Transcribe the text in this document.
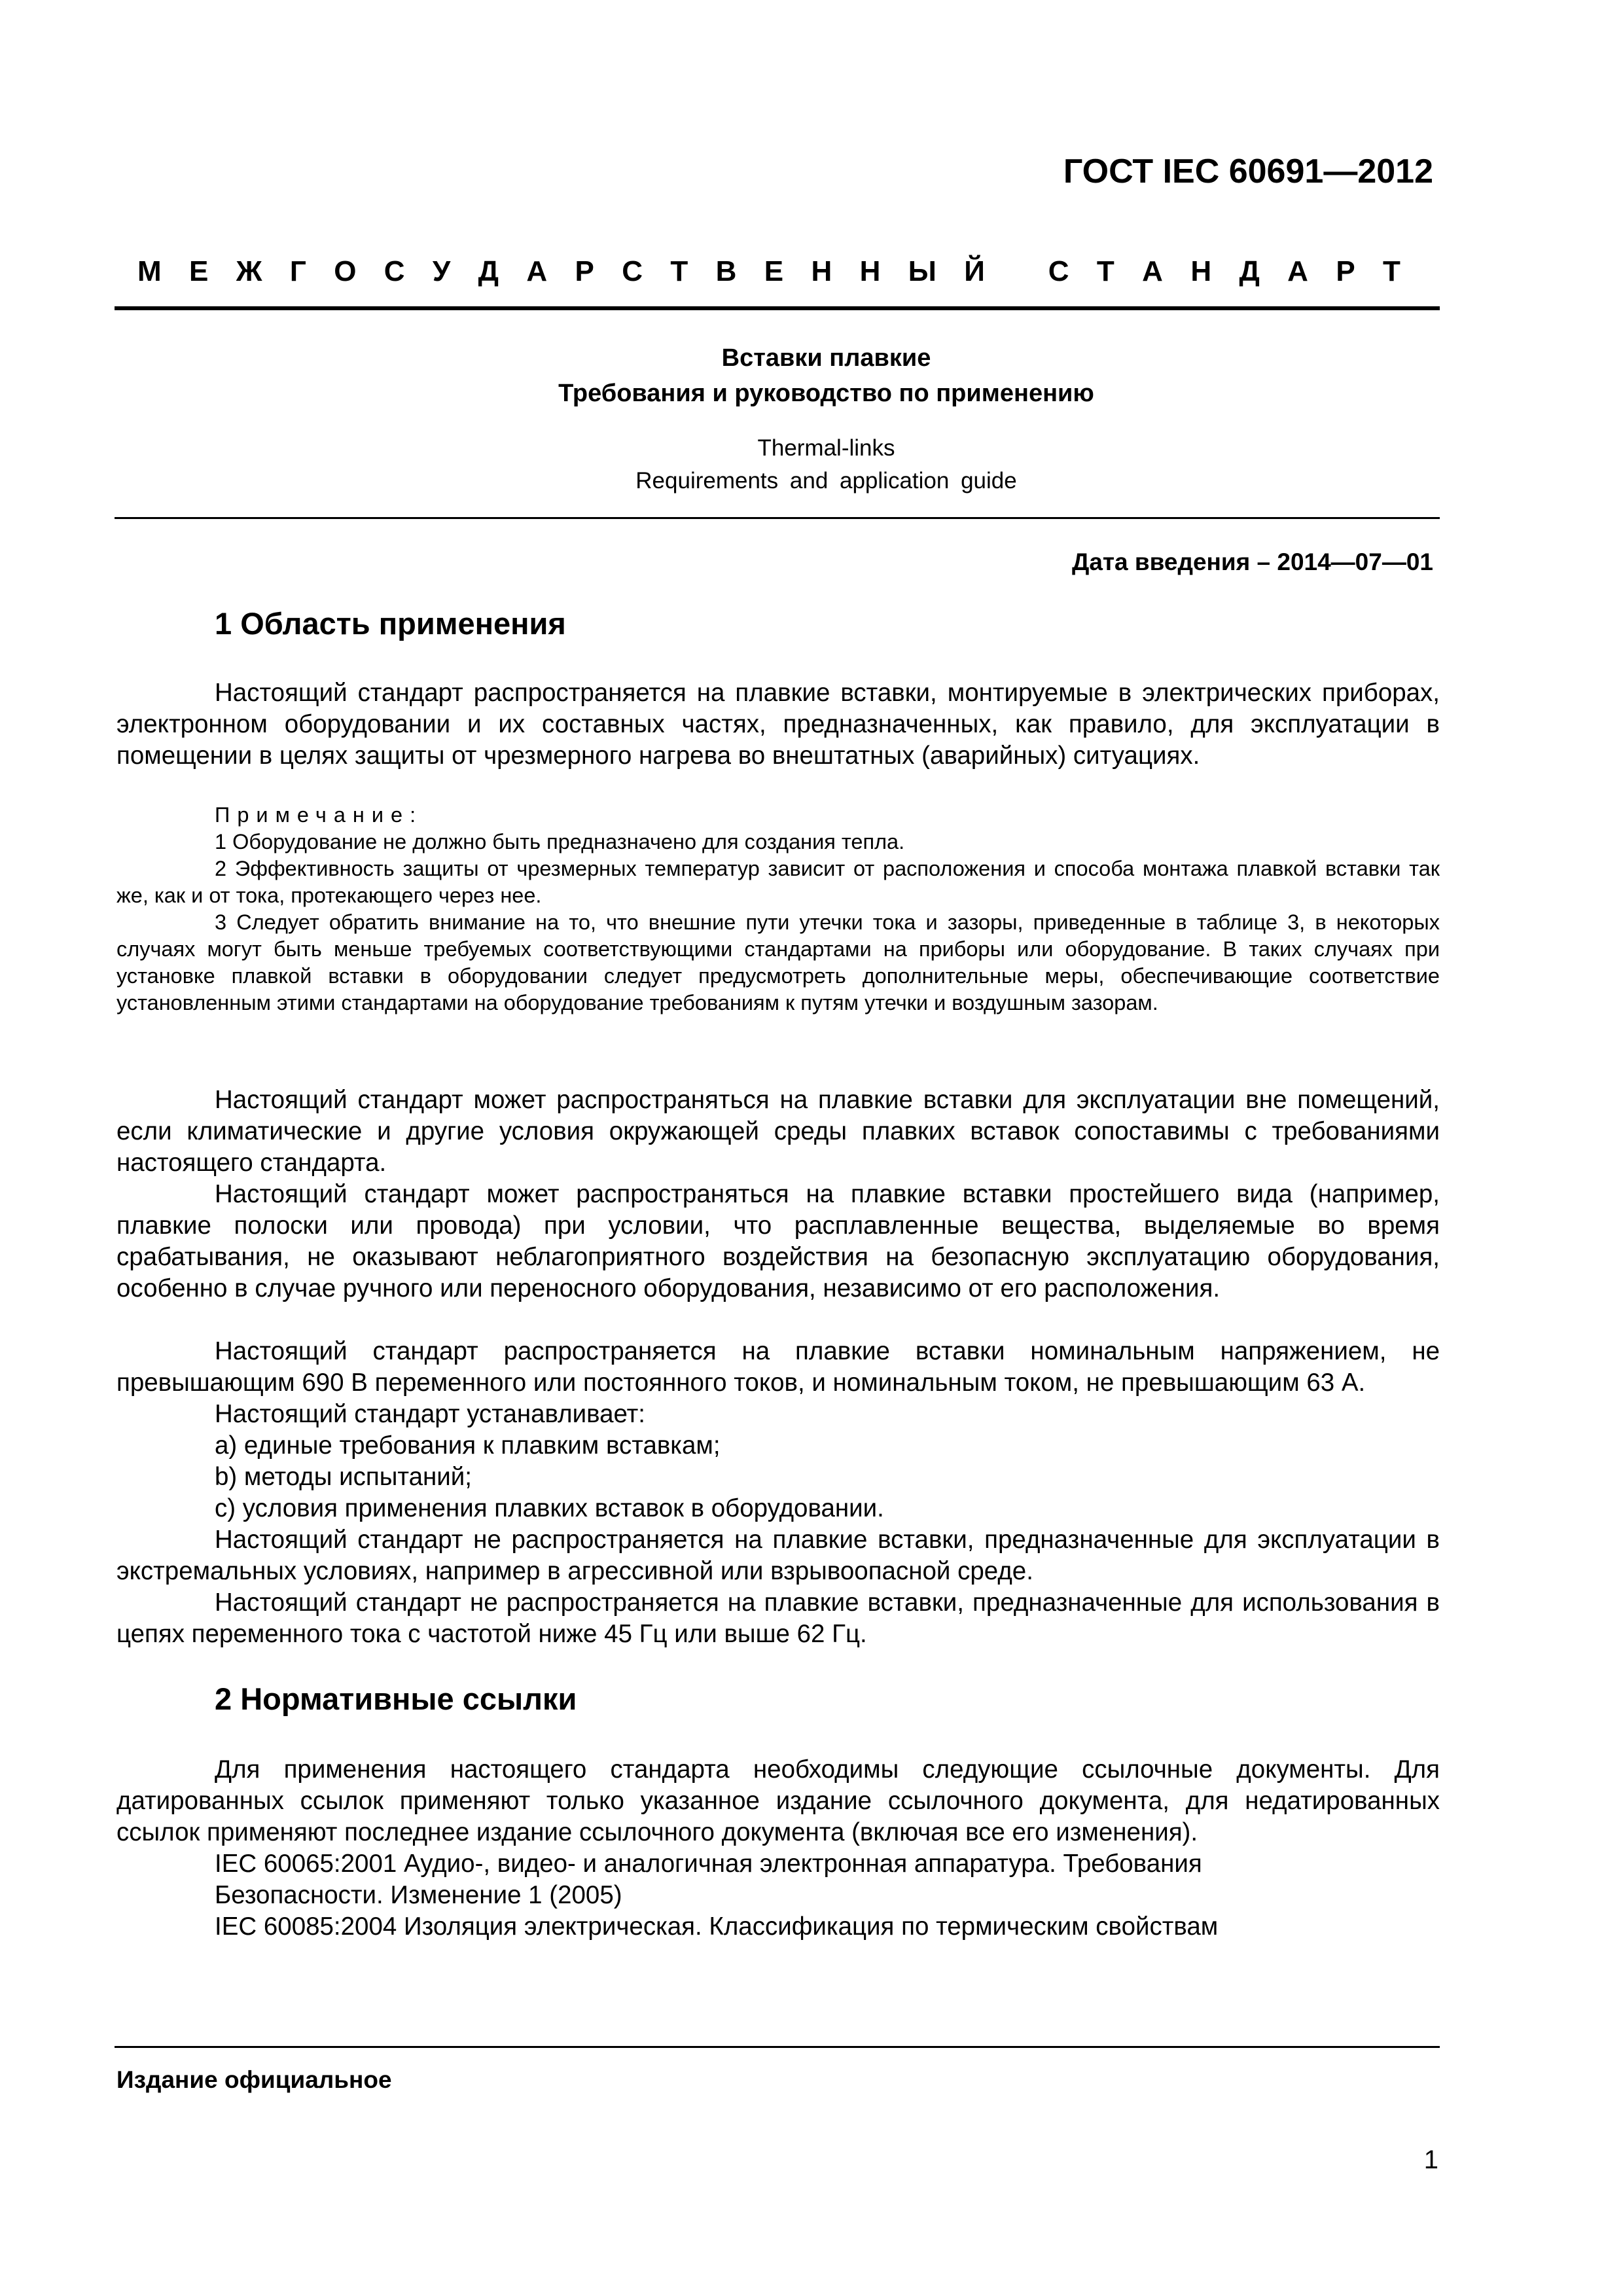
ГОСТ IEC 60691—2012
М Е Ж Г О С У Д А Р С Т В Е Н Н Ы Й
С Т А Н Д А Р Т
Вставки плавкие
Требования и руководство по применению
Thermal-links
Requirements and application guide
Дата введения – 2014—07—01
1 Область применения

Настоящий стандарт распространяется на плавкие вставки, монтируемые в электрических приборах, электронном оборудовании и их составных частях, предназначенных, как правило, для эксплуатации в помещении в целях защиты от чрезмерного нагрева во внештатных (аварийных) ситуациях.

Примечание:

1 Оборудование не должно быть предназначено для создания тепла.

2 Эффективность защиты от чрезмерных температур зависит от расположения и способа монтажа плавкой вставки так же, как и от тока, протекающего через нее.

3 Следует обратить внимание на то, что внешние пути утечки тока и зазоры, приведенные в таблице 3, в некоторых случаях могут быть меньше требуемых соответствующими стандартами на приборы или оборудование. В таких случаях при установке плавкой вставки в оборудовании следует предусмотреть дополнительные меры, обеспечивающие соответствие установленным этими стандартами на оборудование требованиям к путям утечки и воздушным зазорам.

Настоящий стандарт может распространяться на плавкие вставки для эксплуатации вне помещений, если климатические и другие условия окружающей среды плавких вставок сопоставимы с требованиями настоящего стандарта.

Настоящий стандарт может распространяться на плавкие вставки простейшего вида (например, плавкие полоски или провода) при условии, что расплавленные вещества, выделяемые во время срабатывания, не оказывают неблагоприятного воздействия на безопасную эксплуатацию оборудования, особенно в случае ручного или переносного оборудования, независимо от его расположения.

Настоящий стандарт распространяется на плавкие вставки номинальным напряжением, не превышающим 690 В переменного или постоянного токов, и номинальным током, не превышающим 63 А.

Настоящий стандарт устанавливает:

a) единые требования к плавким вставкам;

b) методы испытаний;

c) условия применения плавких вставок в оборудовании.

Настоящий стандарт не распространяется на плавкие вставки, предназначенные для эксплуатации в экстремальных условиях, например в агрессивной или взрывоопасной среде.

Настоящий стандарт не распространяется на плавкие вставки, предназначенные для использования в цепях переменного тока с частотой ниже 45 Гц или выше 62 Гц.

2 Нормативные ссылки

Для применения настоящего стандарта необходимы следующие ссылочные документы. Для датированных ссылок применяют только указанное издание ссылочного документа, для недатированных ссылок применяют последнее издание ссылочного документа (включая все его изменения).

IEC 60065:2001 Аудио-, видео- и аналогичная электронная аппаратура. Требования

Безопасности. Изменение 1 (2005)

IEC 60085:2004 Изоляция электрическая. Классификация по термическим свойствам

Издание официальное
1
